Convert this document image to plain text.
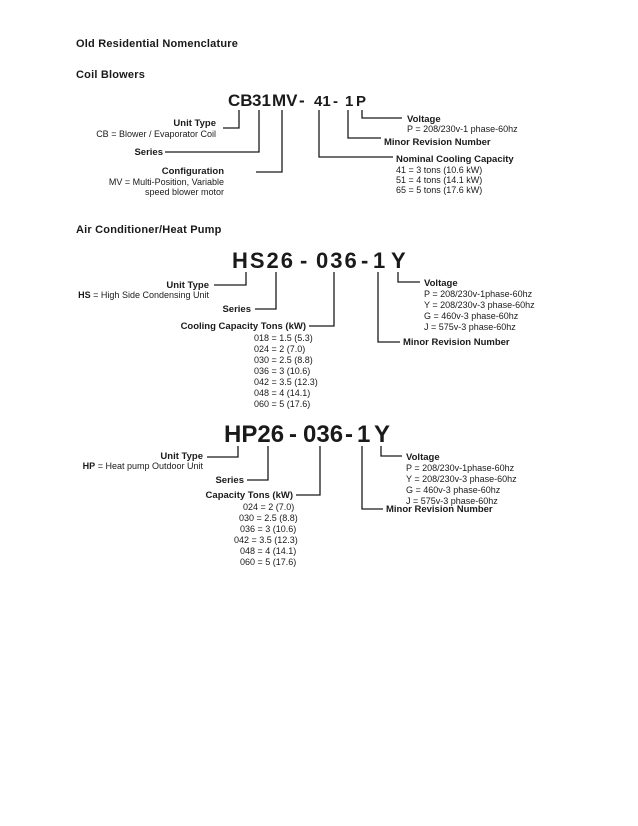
Old Residential Nomenclature
Coil Blowers
Air Conditioner/Heat Pump
CB 31 MV - 41 - 1 P
Unit Type
CB = Blower / Evaporator Coil
Series
Configuration
MV = Multi-Position, Variable
speed blower motor
Voltage
P = 208/230v-1 phase-60hz
Minor Revision Number
Nominal Cooling Capacity
41 = 3 tons (10.6 kW)
51 = 4 tons (14.1 kW)
65 = 5 tons (17.6 kW)
HS26 - 036 - 1 Y
Unit Type
HS = High Side Condensing Unit
Series
Cooling Capacity Tons (kW)
018 = 1.5 (5.3)
024 = 2 (7.0)
030 = 2.5 (8.8)
036 = 3 (10.6)
042 = 3.5 (12.3)
048 = 4 (14.1)
060 = 5 (17.6)
Voltage
P = 208/230v-1phase-60hz
Y = 208/230v-3 phase-60hz
G = 460v-3 phase-60hz
J = 575v-3 phase-60hz
Minor Revision Number
HP26 - 036 - 1 Y
Unit Type
HP = Heat pump Outdoor Unit
Series
Capacity Tons (kW)
024 = 2 (7.0)
030 = 2.5 (8.8)
036 = 3 (10.6)
042 = 3.5 (12.3)
048 = 4 (14.1)
060 = 5 (17.6)
Voltage
P = 208/230v-1phase-60hz
Y = 208/230v-3 phase-60hz
G = 460v-3 phase-60hz
J = 575v-3 phase-60hz
Minor Revision Number
